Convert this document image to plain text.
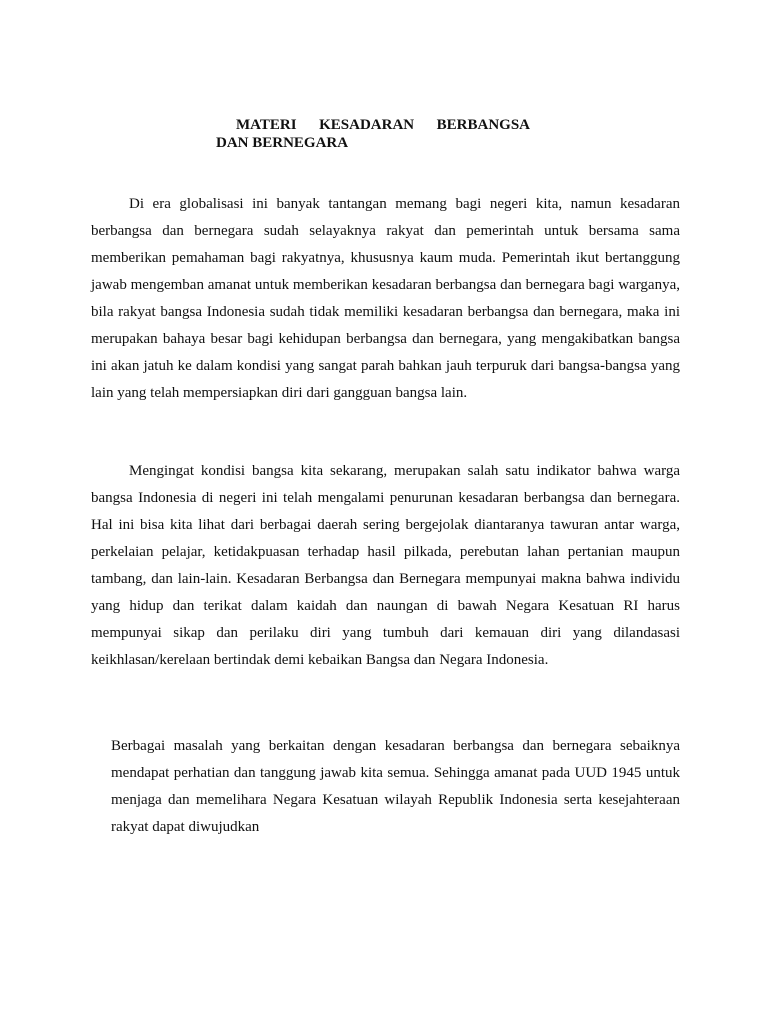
MATERI KESADARAN BERBANGSA
DAN BERNEGARA

Di era globalisasi ini banyak tantangan memang bagi negeri kita, namun kesadaran berbangsa dan bernegara sudah selayaknya rakyat dan pemerintah untuk bersama sama memberikan pemahaman bagi rakyatnya, khususnya kaum muda. Pemerintah ikut bertanggung jawab mengemban amanat untuk memberikan kesadaran berbangsa dan bernegara bagi warganya, bila rakyat bangsa Indonesia sudah tidak memiliki kesadaran berbangsa dan bernegara, maka ini merupakan bahaya besar bagi kehidupan berbangsa dan bernegara, yang mengakibatkan bangsa ini akan jatuh ke dalam kondisi yang sangat parah bahkan jauh terpuruk dari bangsa-bangsa yang lain yang telah mempersiapkan diri dari gangguan bangsa lain.

Mengingat kondisi bangsa kita sekarang, merupakan salah satu indikator bahwa warga bangsa Indonesia di negeri ini telah mengalami penurunan kesadaran berbangsa dan bernegara. Hal ini bisa kita lihat dari berbagai daerah sering bergejolak diantaranya tawuran antar warga, perkelaian pelajar, ketidakpuasan terhadap hasil pilkada, perebutan lahan pertanian maupun tambang, dan lain-lain. Kesadaran Berbangsa dan Bernegara mempunyai makna bahwa individu yang hidup dan terikat dalam kaidah dan naungan di bawah Negara Kesatuan RI harus mempunyai sikap dan perilaku diri yang tumbuh dari kemauan diri yang dilandasasi keikhlasan/kerelaan bertindak demi kebaikan Bangsa dan Negara Indonesia.

Berbagai masalah yang berkaitan dengan kesadaran berbangsa dan bernegara sebaiknya mendapat perhatian dan tanggung jawab kita semua. Sehingga amanat pada UUD 1945 untuk menjaga dan memelihara Negara Kesatuan wilayah Republik Indonesia serta kesejahteraan rakyat dapat diwujudkan
